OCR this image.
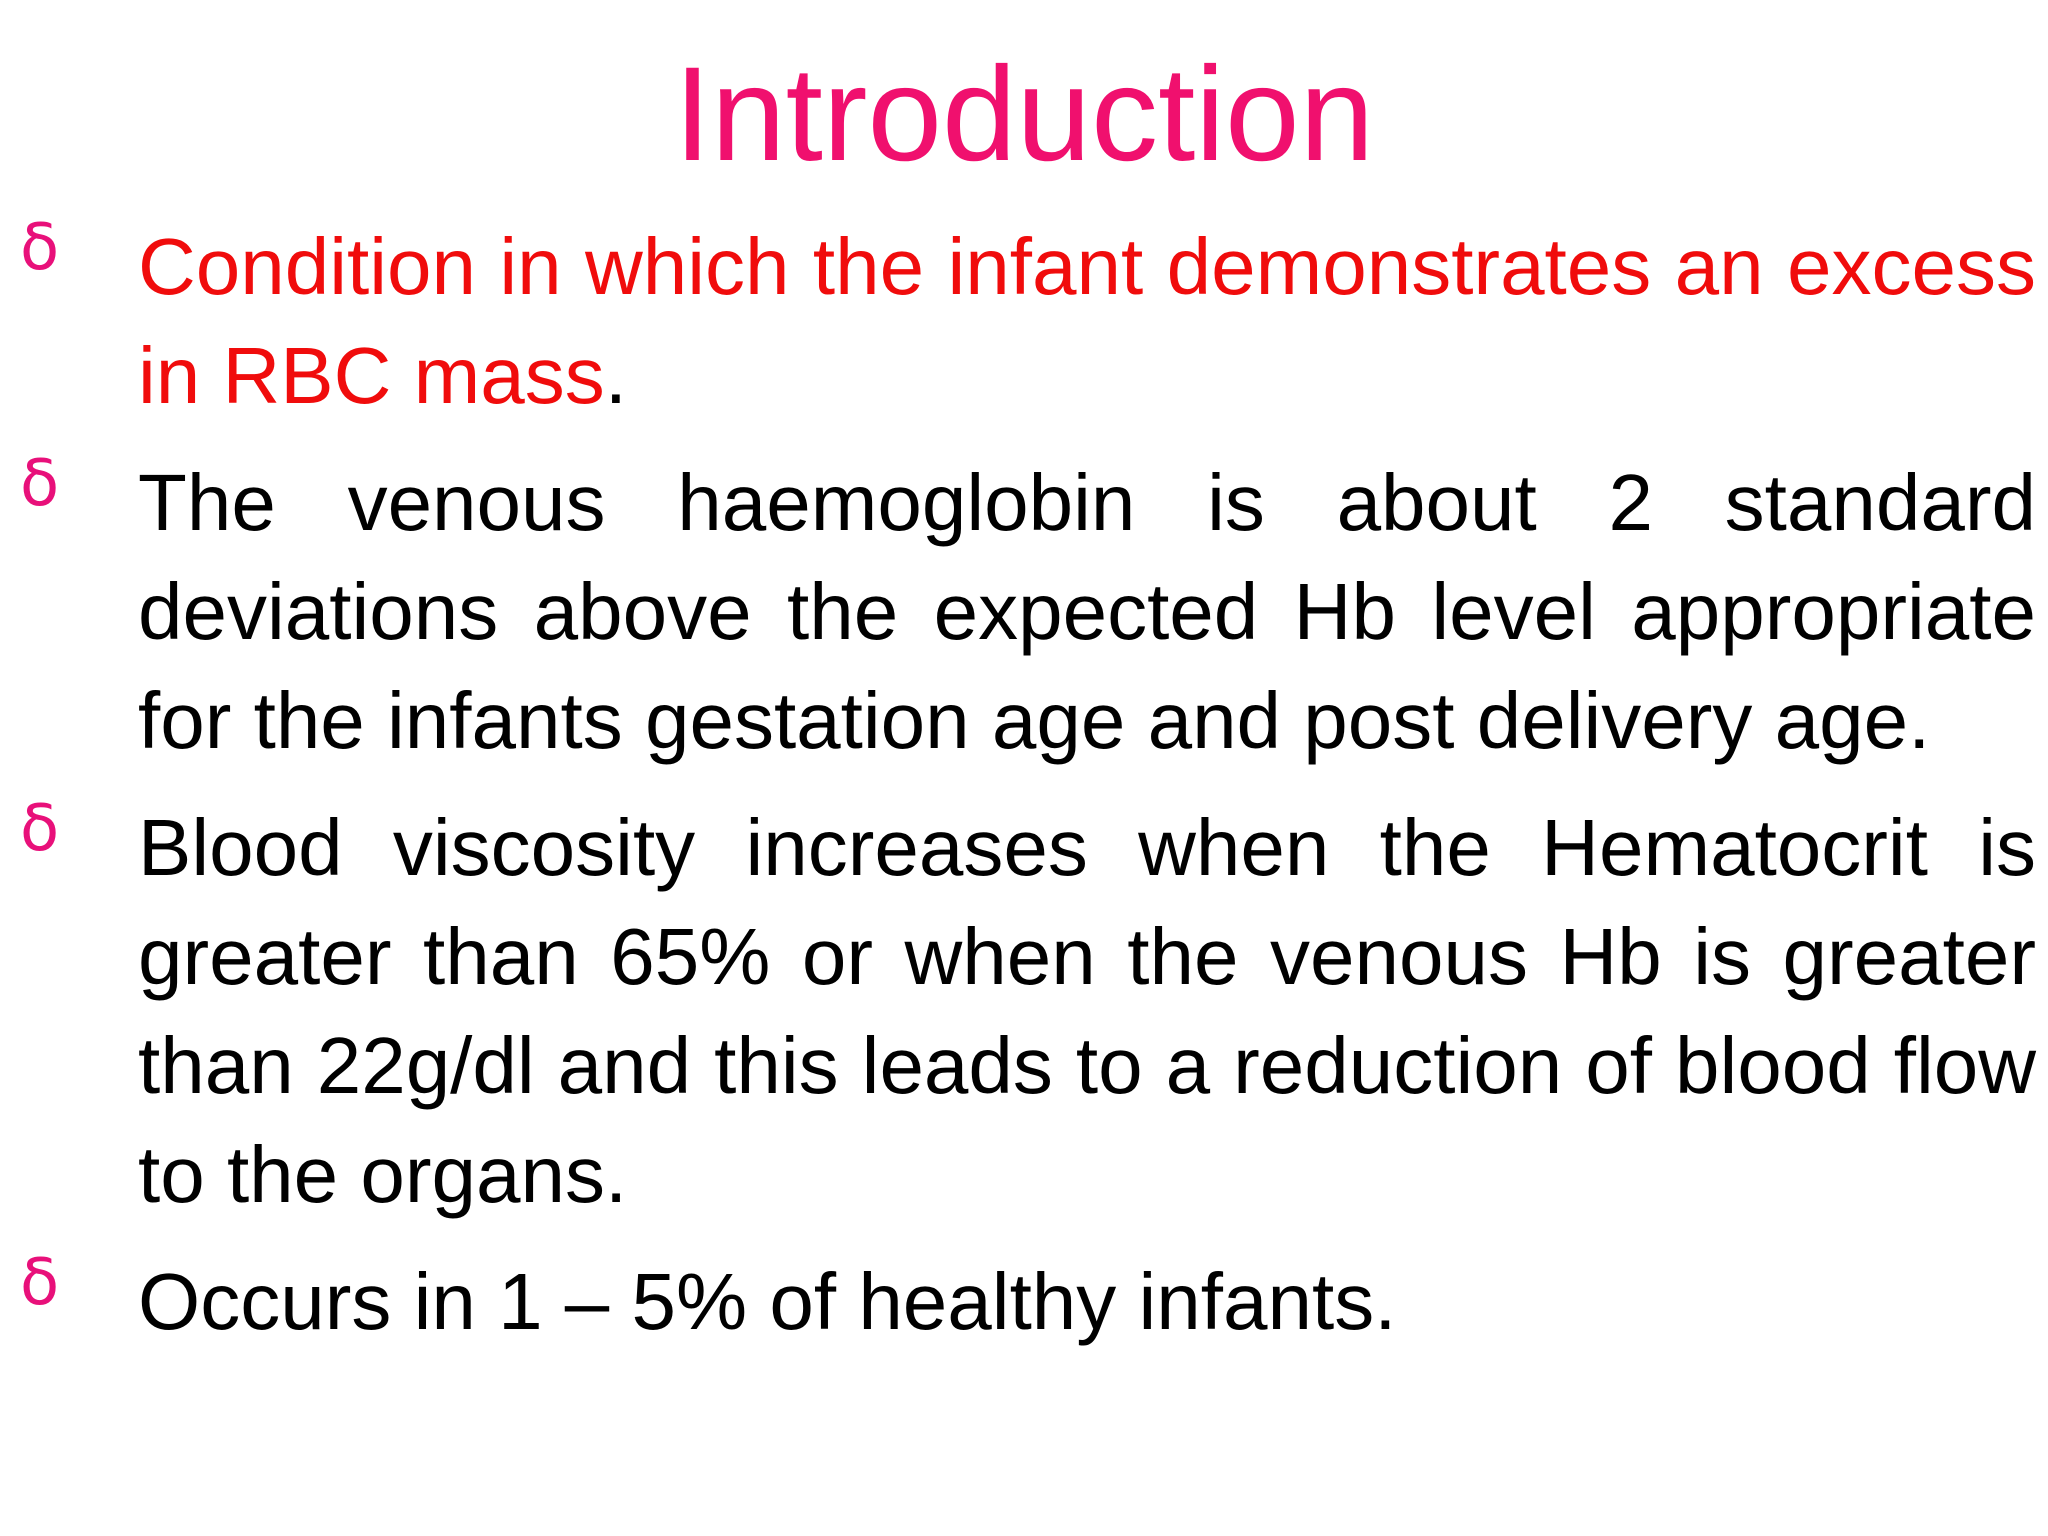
Introduction
δ Condition in which the infant demonstrates an excess in RBC mass.
δ The venous haemoglobin is about 2 standard deviations above the expected Hb level appropriate for the infants gestation age and post delivery age.
δ Blood viscosity increases when the Hematocrit is greater than 65% or when the venous Hb is greater than 22g/dl and this leads to a reduction of blood flow to the organs.
δ Occurs in 1 – 5% of healthy infants.
